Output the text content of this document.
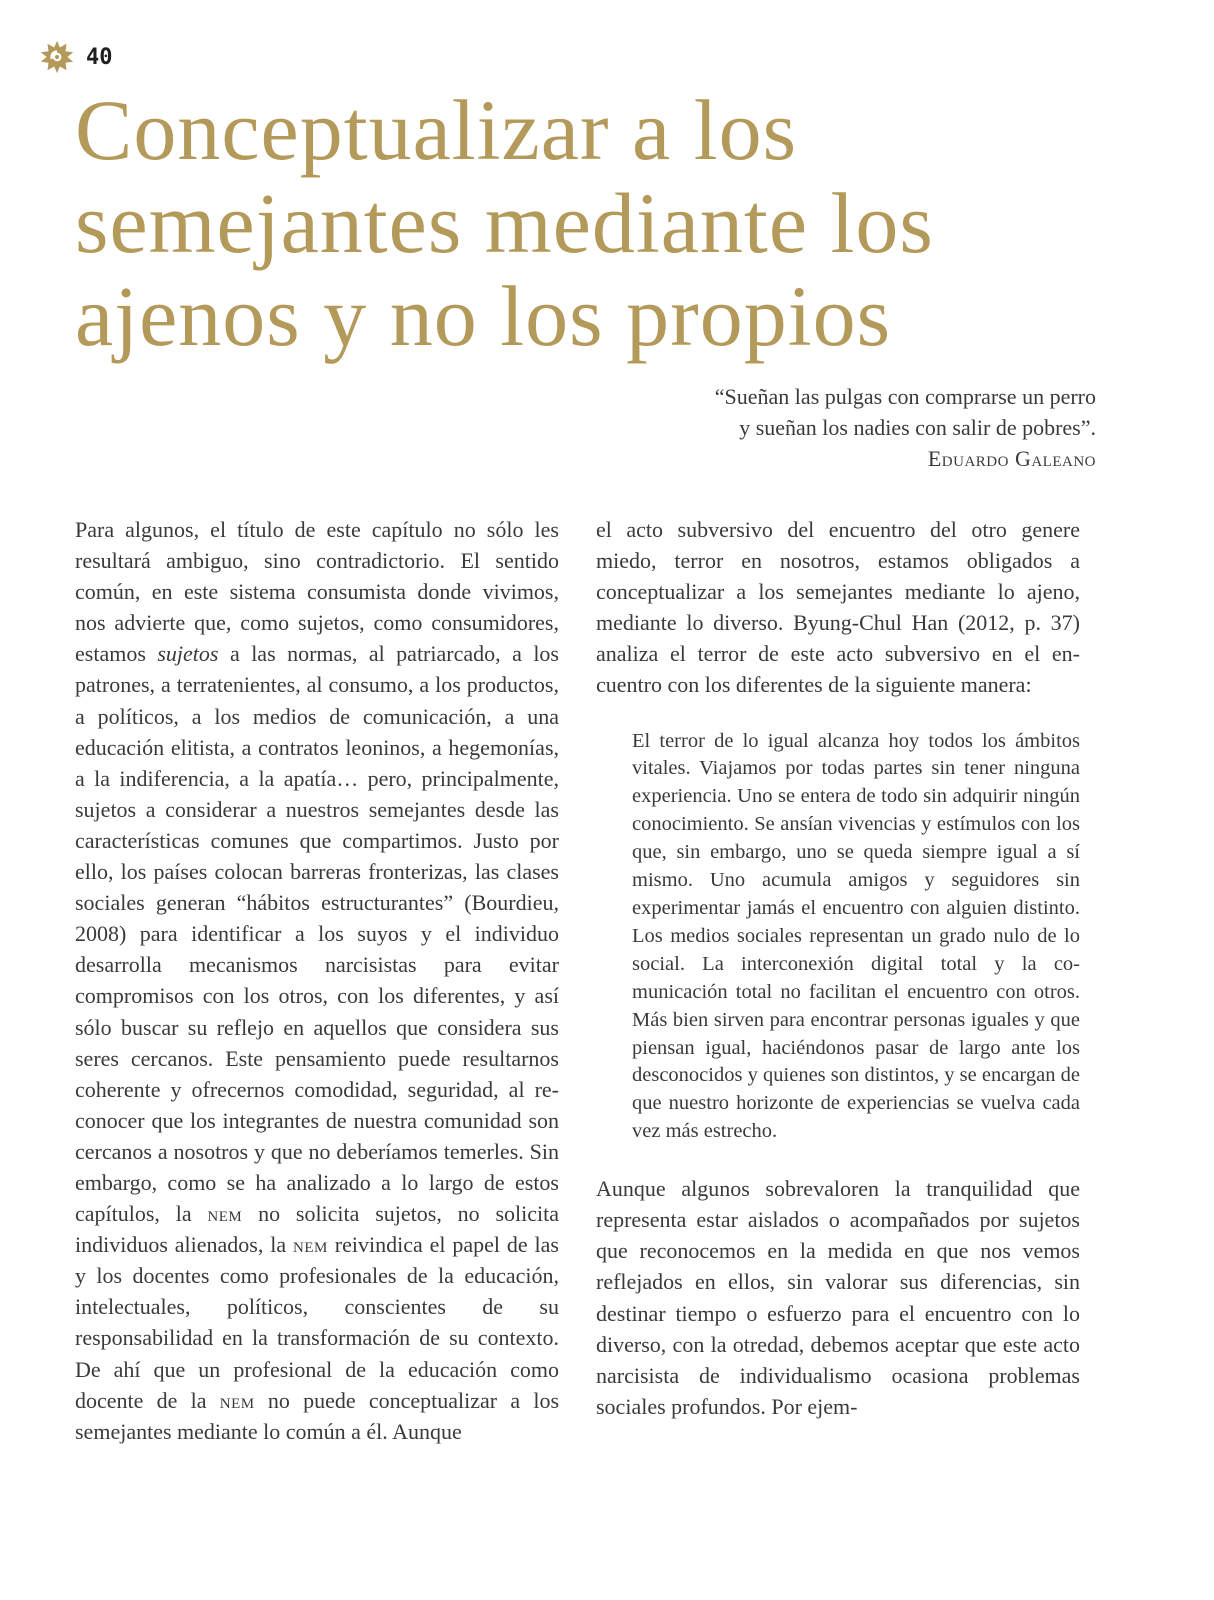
40
Conceptualizar a los semejantes mediante los ajenos y no los propios

“Sueñan las pulgas con comprarse un perro

y sueñan los nadies con salir de pobres”.

Eduardo Galeano

Para algunos, el título de este capítulo no sólo les resultará ambiguo, sino contradictorio. El sentido común, en este sistema consumista donde vivimos, nos advierte que, como sujetos, como consumidores, estamos sujetos a las normas, al patriarcado, a los patrones, a terratenientes, al consumo, a los productos, a políticos, a los medios de comunicación, a una educación elitista, a contratos leoninos, a hegemonías, a la indiferencia, a la apatía… pero, principalmente, sujetos a considerar a nuestros semejantes desde las características comunes que compartimos. Justo por ello, los países colocan barreras fronterizas, las clases sociales generan “hábitos estructurantes” (Bourdieu, 2008) para identificar a los suyos y el individuo desarrolla mecanismos narcisistas para evitar compromisos con los otros, con los diferentes, y así sólo buscar su reflejo en aquellos que considera sus seres cercanos. Este pensamiento puede resultarnos coherente y ofrecernos comodidad, seguridad, al reconocer que los integrantes de nuestra comunidad son cercanos a nosotros y que no deberíamos temerles. Sin embargo, como se ha analizado a lo largo de estos capítulos, la nem no solicita sujetos, no solicita individuos alienados, la nem reivindica el papel de las y los docentes como profesionales de la educación, intelectuales, políticos, conscientes de su responsabilidad en la transformación de su contexto. De ahí que un profesional de la educación como docente de la nem no puede conceptualizar a los semejantes mediante lo común a él. Aunque

el acto subversivo del encuentro del otro genere miedo, terror en nosotros, estamos obligados a conceptualizar a los semejantes mediante lo ajeno, mediante lo diverso. Byung-Chul Han (2012, p. 37) analiza el terror de este acto subversivo en el encuentro con los diferentes de la siguiente manera:

El terror de lo igual alcanza hoy todos los ámbitos vitales. Viajamos por todas partes sin tener ninguna experiencia. Uno se entera de todo sin adquirir ningún conocimiento. Se ansían vivencias y estímulos con los que, sin embargo, uno se queda siempre igual a sí mismo. Uno acumula amigos y seguidores sin experimentar jamás el encuentro con alguien distinto. Los medios sociales representan un grado nulo de lo social. La interconexión digital total y la comunicación total no facilitan el encuentro con otros. Más bien sirven para encontrar personas iguales y que piensan igual, haciéndonos pasar de largo ante los desconocidos y quienes son distintos, y se encargan de que nuestro horizonte de experiencias se vuelva cada vez más estrecho.

Aunque algunos sobrevaloren la tranquilidad que representa estar aislados o acompañados por sujetos que reconocemos en la medida en que nos vemos reflejados en ellos, sin valorar sus diferencias, sin destinar tiempo o esfuerzo para el encuentro con lo diverso, con la otredad, debemos aceptar que este acto narcisista de individualismo ocasiona problemas sociales profundos. Por ejem-
